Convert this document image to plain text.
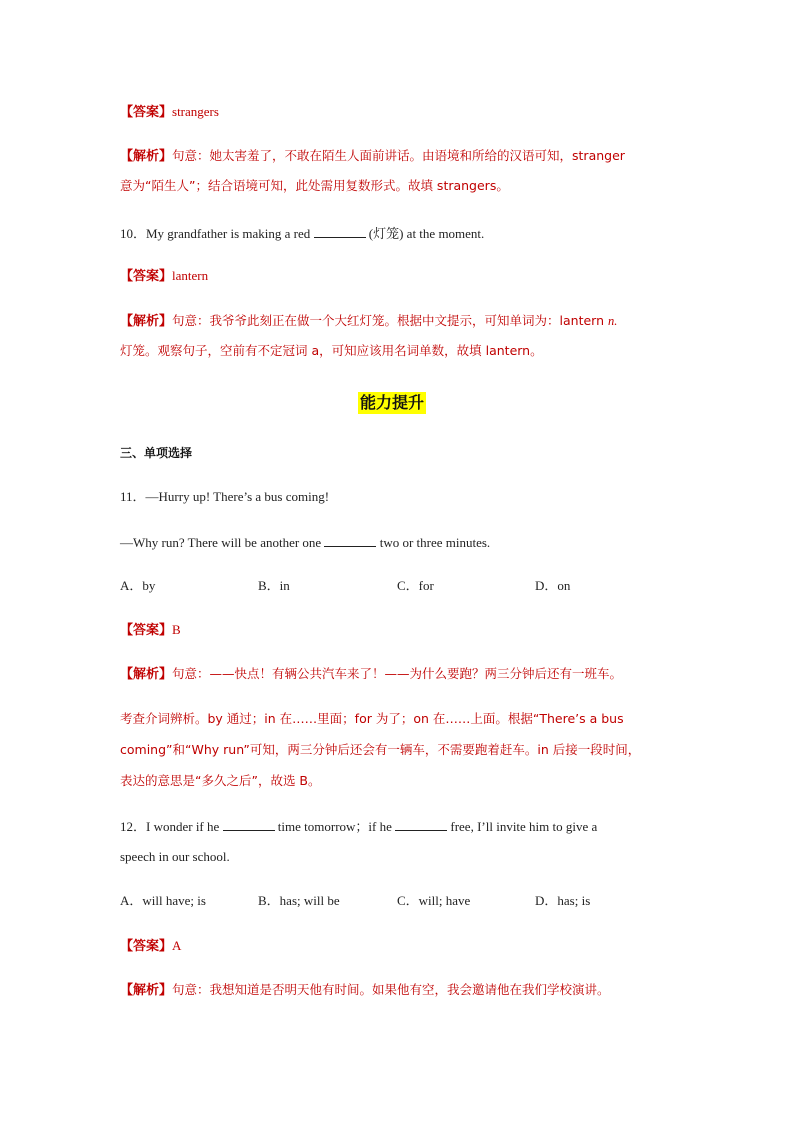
【答案】strangers
【解析】句意：她太害羞了，不敢在陌生人面前讲话。由语境和所给的汉语可知，stranger
意为“陌生人”；结合语境可知，此处需用复数形式。故填 strangers。
10．My grandfather is making a red	(灯笼) at the moment.
【答案】lantern
【解析】句意：我爷爷此刻正在做一个大红灯笼。根据中文提示，可知单词为：lantern n.
灯笼。观察句子，空前有不定冠词 a，可知应该用名词单数，故填 lantern。
能力提升
三、单项选择
11．—Hurry up! There’s a bus coming!
—Why run? There will be another one	two or three minutes.
A．by	B．in	C．for	D．on
【答案】B
【解析】句意：——快点！有辆公共汽车来了！——为什么要跑？两三分钟后还有一班车。
考查介词辨析。by 通过；in 在……里面；for 为了；on 在……上面。根据“There’s a bus
coming”和“Why run”可知，两三分钟后还会有一辆车，不需要跑着赶车。in 后接一段时间，
表达的意思是“多久之后”，故选 B。
12．I wonder if he	time tomorrow；if he	free, I’ll invite him to give a
speech in our school.
A．will have; is	B．has; will be	C．will; have	D．has; is
【答案】A
【解析】句意：我想知道是否明天他有时间。如果他有空，我会邀请他在我们学校演讲。
